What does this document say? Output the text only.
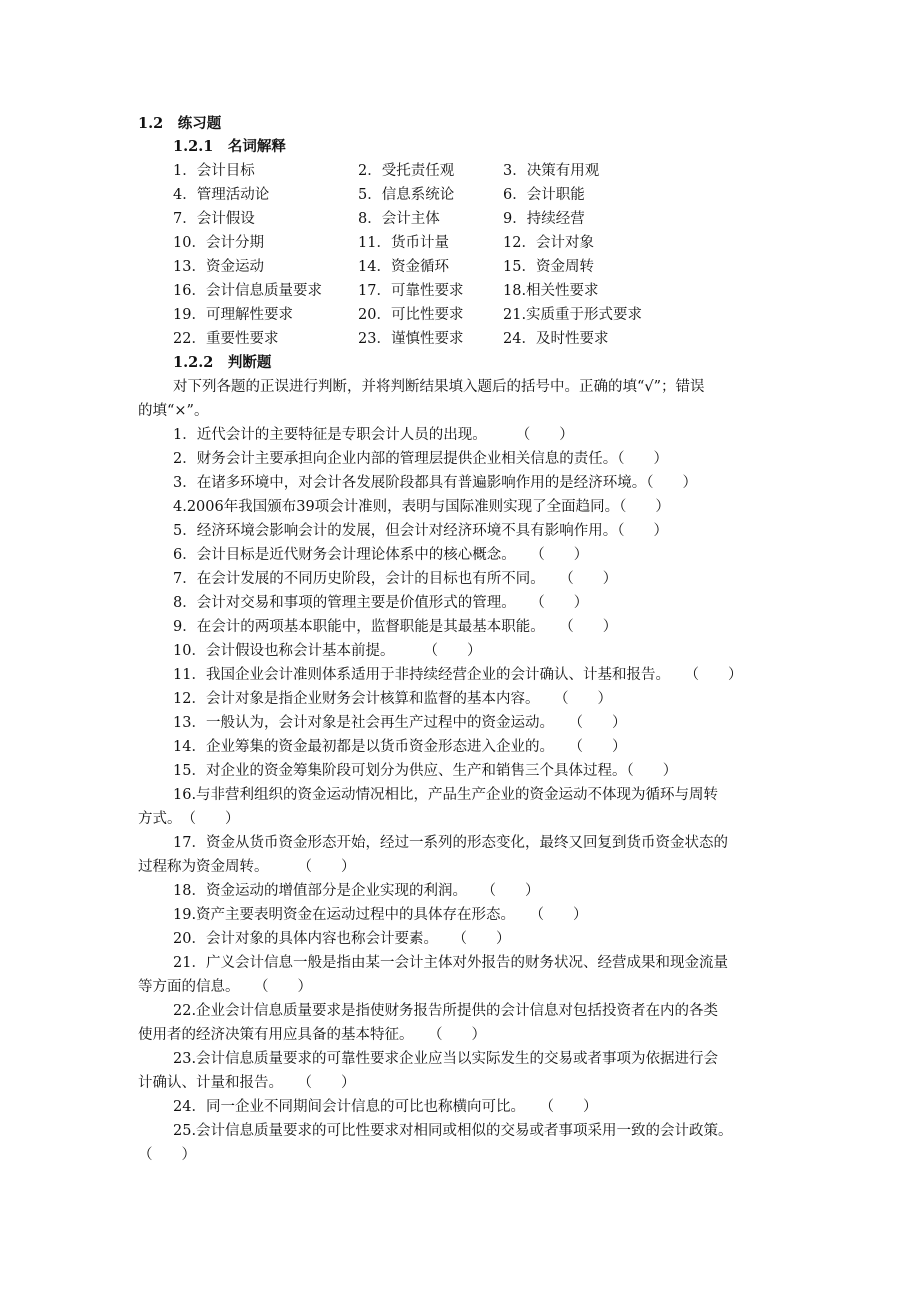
1.2　练习题
1.2.1　名词解释
1．会计目标	2．受托责任观	3．决策有用观
4．管理活动论	5．信息系统论	6．会计职能
7．会计假设	8．会计主体	9．持续经营
10．会计分期	11．货币计量	12．会计对象
13．资金运动	14．资金循环	15．资金周转
16．会计信息质量要求 17．可靠性要求	18.相关性要求
19．可理解性要求	20．可比性要求	21.实质重于形式要求
22．重要性要求	23．谨慎性要求	24．及时性要求
1.2.2　判断题
对下列各题的正误进行判断，并将判断结果填入题后的括号中。正确的填“√”；错误
的填“×”。
1．近代会计的主要特征是专职会计人员的出现。　　　（　　）
2．财务会计主要承担向企业内部的管理层提供企业相关信息的责任。（　　）
3．在诸多环境中，对会计各发展阶段都具有普遍影响作用的是经济环境。（　　）
4.2006年我国颁布39项会计准则，表明与国际准则实现了全面趋同。（　　）
5．经济环境会影响会计的发展，但会计对经济环境不具有影响作用。（　　）
6．会计目标是近代财务会计理论体系中的核心概念。　　（　　）
7．在会计发展的不同历史阶段，会计的目标也有所不同。　　（　　）
8．会计对交易和事项的管理主要是价值形式的管理。　　（　　）
9．在会计的两项基本职能中，监督职能是其最基本职能。　　（　　）
10．会计假设也称会计基本前提。　　　（　　）
11．我国企业会计准则体系适用于非持续经营企业的会计确认、计基和报告。　　（　　）
12．会计对象是指企业财务会计核算和监督的基本内容。　　（　　）
13．一般认为，会计对象是社会再生产过程中的资金运动。　　（　　）
14．企业筹集的资金最初都是以货币资金形态进入企业的。　　（　　）
15．对企业的资金筹集阶段可划分为供应、生产和销售三个具体过程。（　　）
16.与非营利组织的资金运动情况相比，产品生产企业的资金运动不体现为循环与周转
方式。　（　　）
17．资金从货币资金形态开始，经过一系列的形态变化，最终又回复到货币资金状态的
过程称为资金周转。　　　（　　）
18．资金运动的增值部分是企业实现的利润。　　（　　）
19.资产主要表明资金在运动过程中的具体存在形态。　　（　　）
20．会计对象的具体内容也称会计要素。　　（　　）
21．广义会计信息一般是指由某一会计主体对外报告的财务状况、经营成果和现金流量
等方面的信息。　　（　　）
22.企业会计信息质量要求是指使财务报告所提供的会计信息对包括投资者在内的各类
使用者的经济决策有用应具备的基本特征。　　（　　）
23.会计信息质量要求的可靠性要求企业应当以实际发生的交易或者事项为依据进行会
计确认、计量和报告。　　（　　）
24．同一企业不同期间会计信息的可比也称横向可比。　　（　　）
25.会计信息质量要求的可比性要求对相同或相似的交易或者事项采用一致的会计政策。
（　　）
